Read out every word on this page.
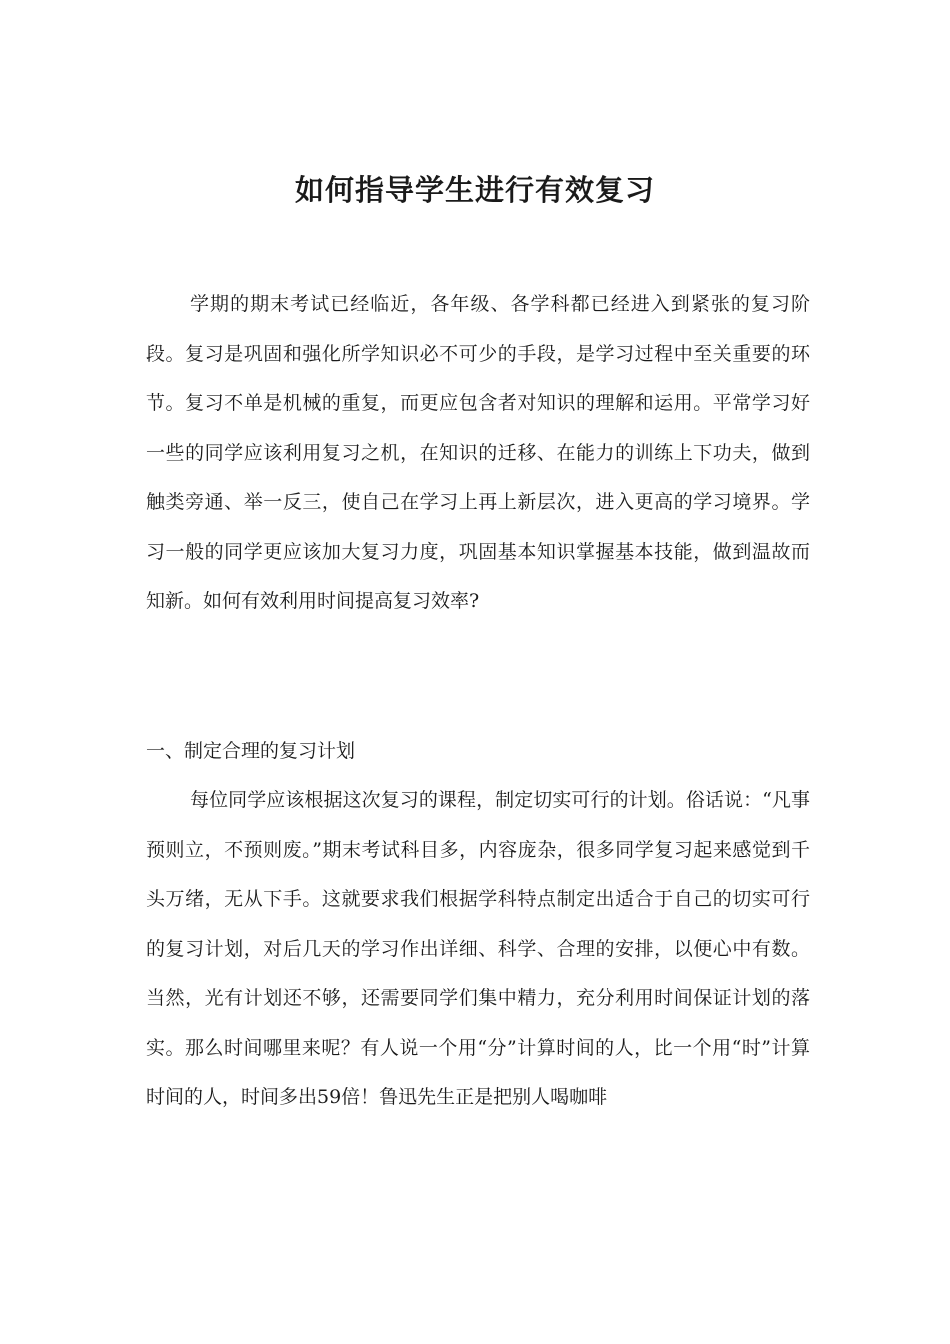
如何指导学生进行有效复习

学期的期末考试已经临近，各年级、各学科都已经进入到紧张的复习阶段。复习是巩固和强化所学知识必不可少的手段，是学习过程中至关重要的环节。复习不单是机械的重复，而更应包含者对知识的理解和运用。平常学习好一些的同学应该利用复习之机，在知识的迁移、在能力的训练上下功夫，做到触类旁通、举一反三，使自己在学习上再上新层次，进入更高的学习境界。学习一般的同学更应该加大复习力度，巩固基本知识掌握基本技能，做到温故而知新。如何有效利用时间提高复习效率?

一、制定合理的复习计划

每位同学应该根据这次复习的课程，制定切实可行的计划。俗话说：“凡事预则立，不预则废。”期末考试科目多，内容庞杂，很多同学复习起来感觉到千头万绪，无从下手。这就要求我们根据学科特点制定出适合于自己的切实可行的复习计划，对后几天的学习作出详细、科学、合理的安排，以便心中有数。当然，光有计划还不够，还需要同学们集中精力，充分利用时间保证计划的落实。那么时间哪里来呢？有人说一个用“分”计算时间的人，比一个用“时”计算时间的人，时间多出59倍！鲁迅先生正是把别人喝咖啡
